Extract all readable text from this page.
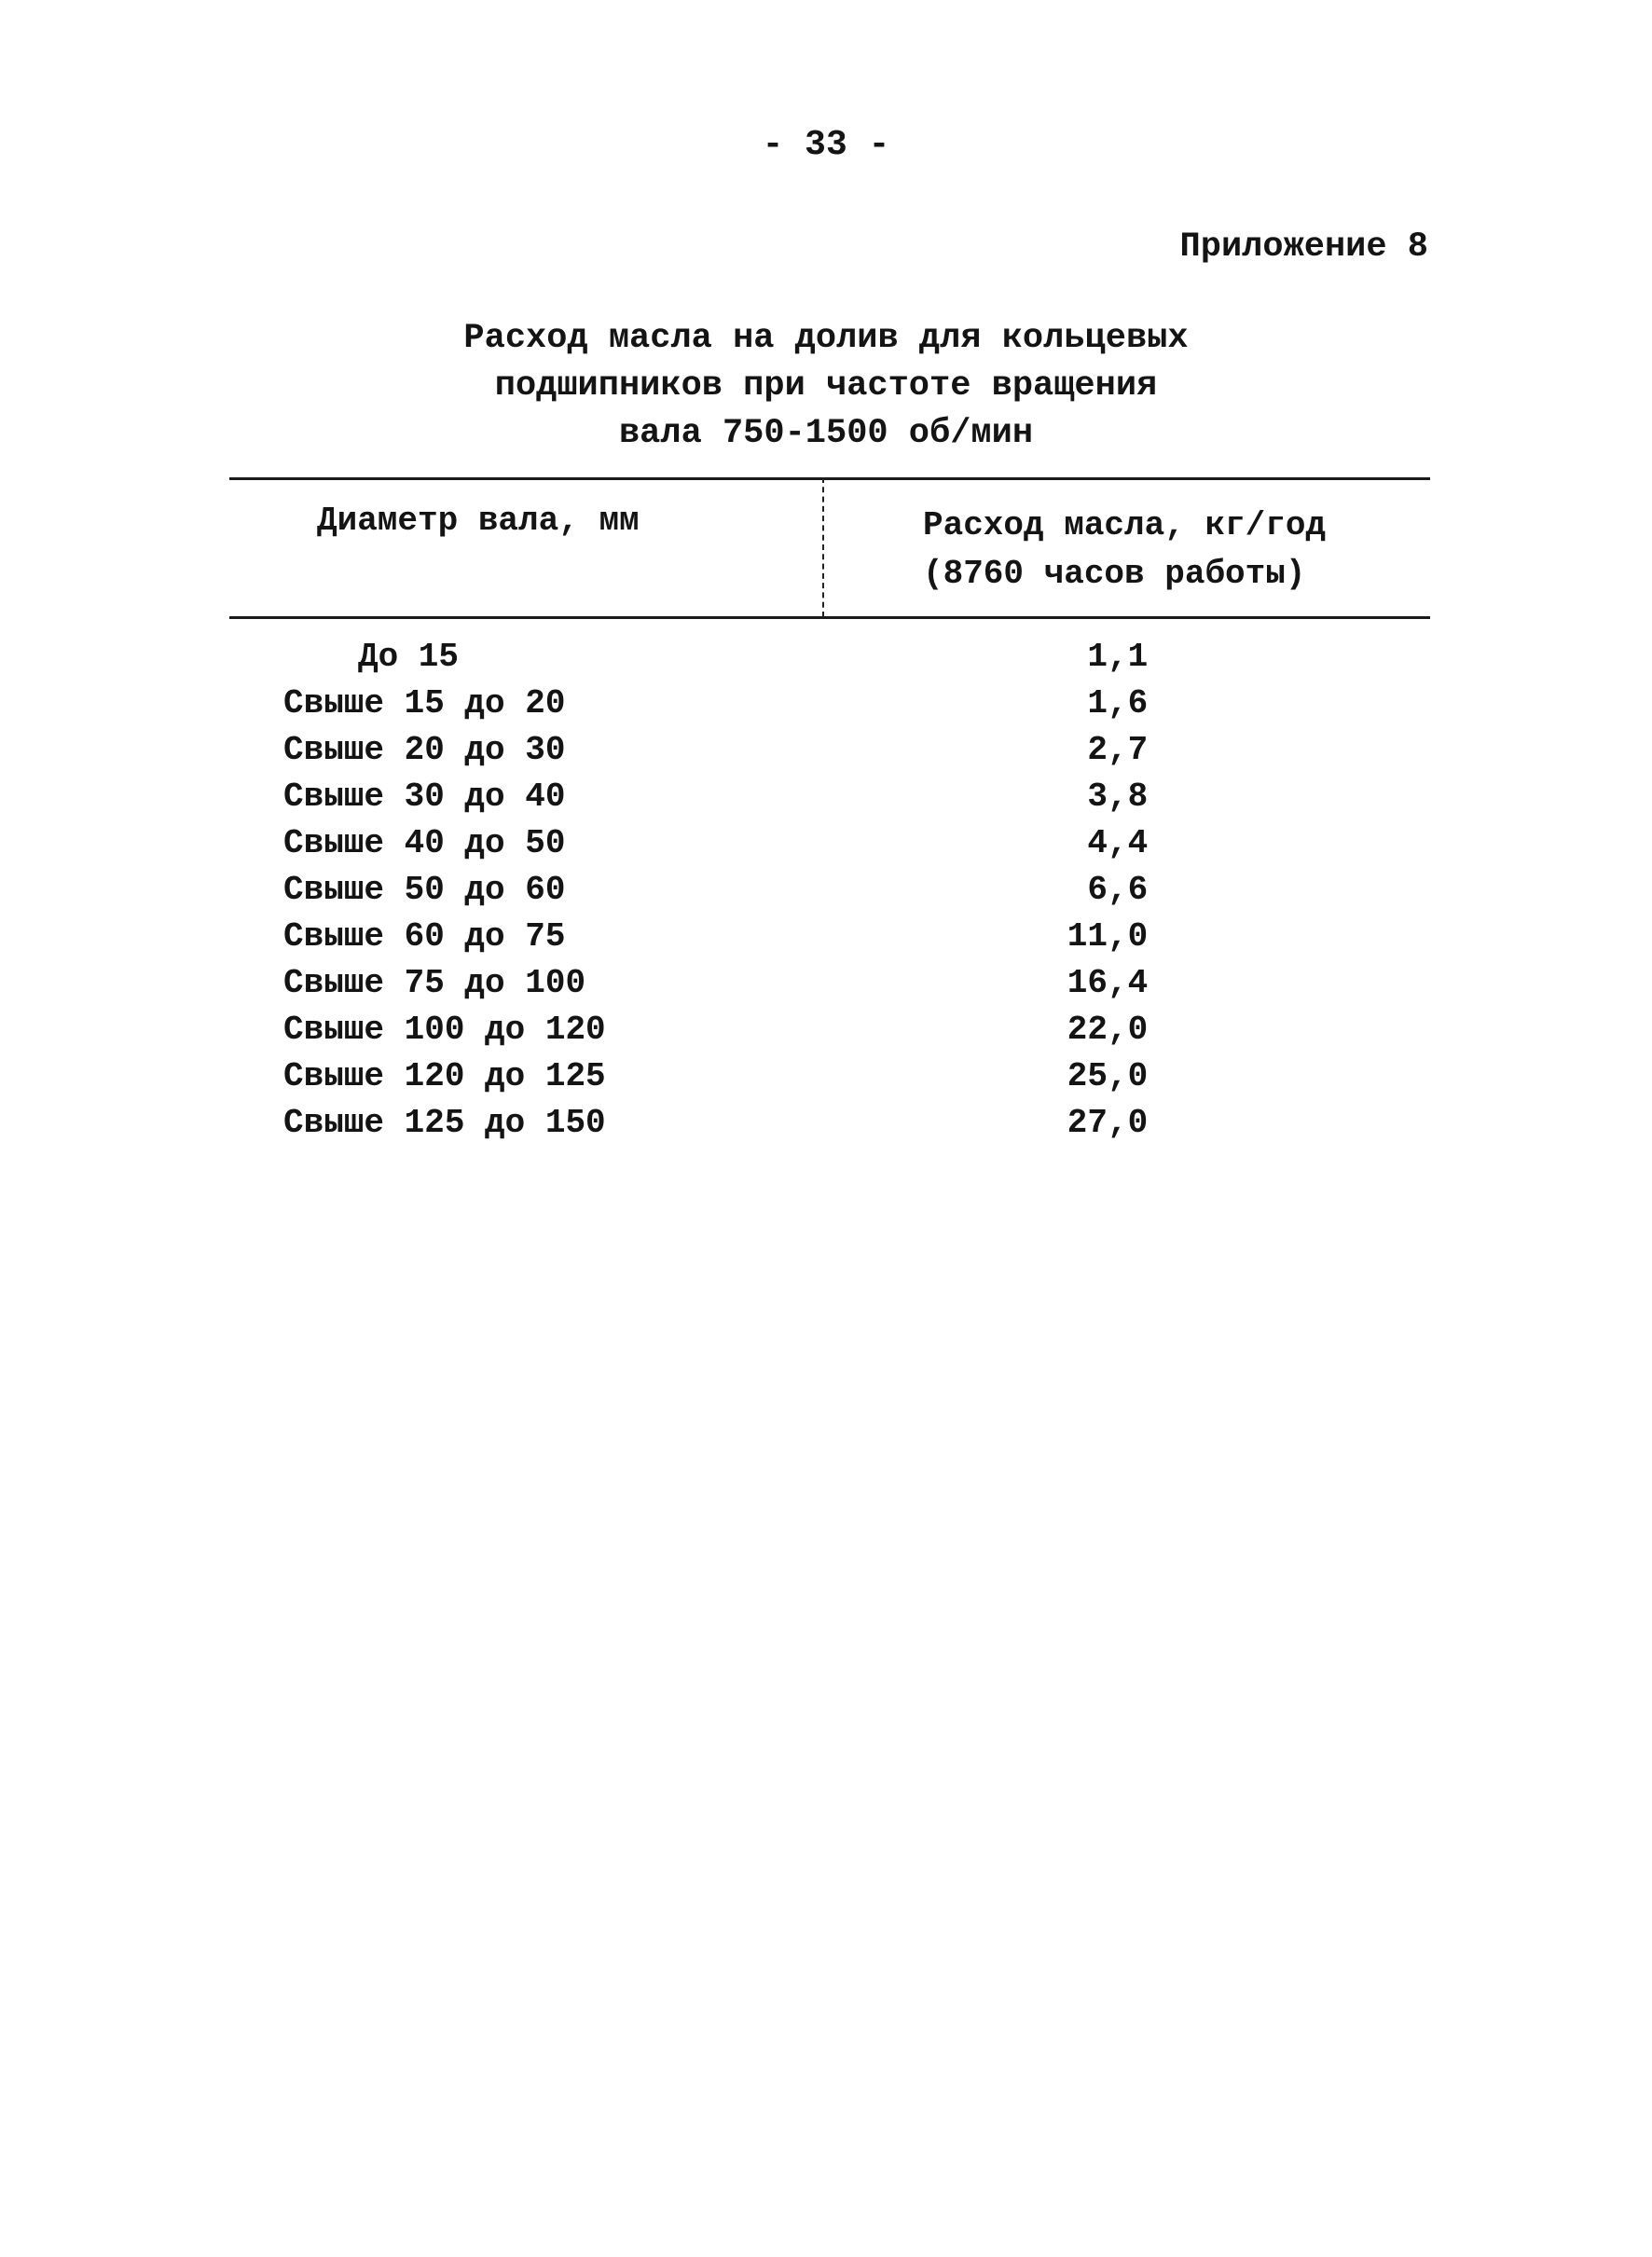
- 33 -
Приложение 8
Расход масла на долив для кольцевых
подшипников при частоте вращения
вала 750-1500 об/мин
Диаметр вала, мм	Расход масла, кг/год
(8760 часов работы)
До 15	1 ,1
Свыше 15 до 20	1 ,6
Свыше 20 до 30	2 ,7
Свыше 30 до 40	3 ,8
Свыше 40 до 50	4 ,4
Свыше 50 до 60	6 ,6
Свыше 60 до 75	11 ,0
Свыше 75 до 100	16 ,4
Свыше 100 до 120	22 ,0
Свыше 120 до 125	25 ,0
Свыше 125 до 150	27 ,0
